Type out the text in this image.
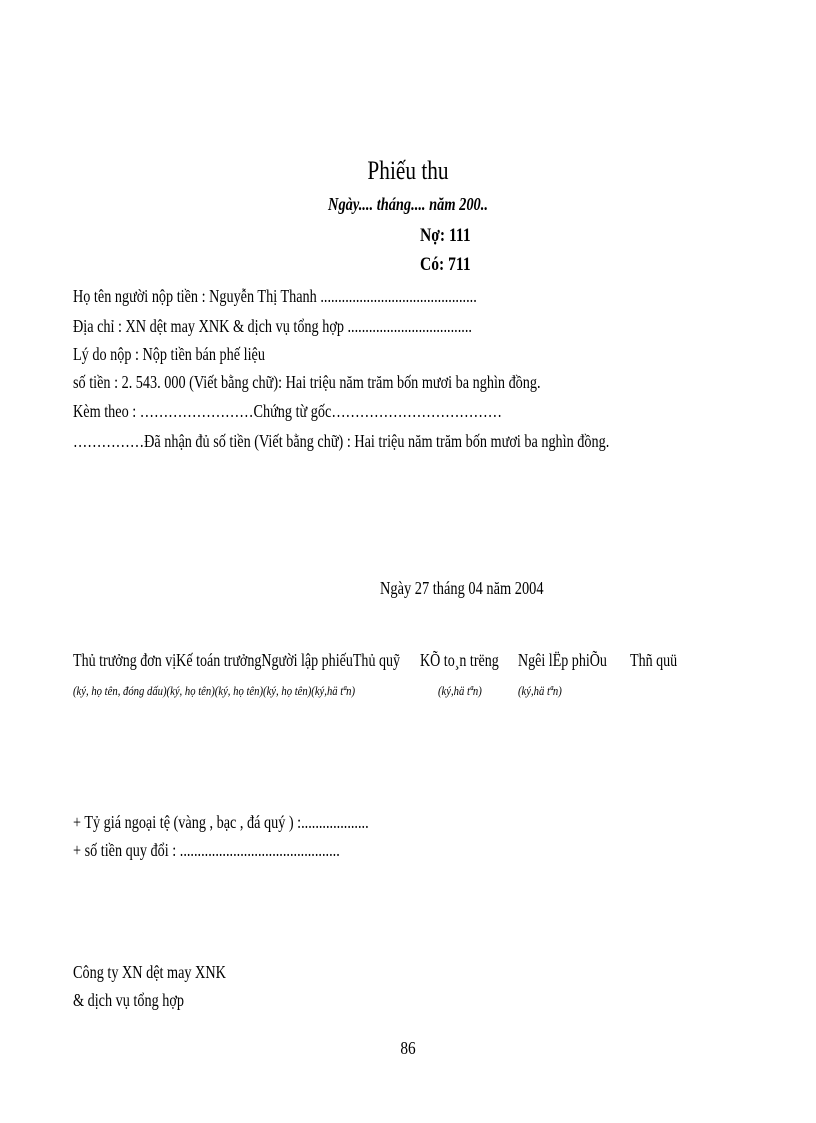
Phiếu thu
Ngày.... tháng.... năm 200..
Nợ: 111
Có: 711
Họ tên người nộp tiền : Nguyễn Thị Thanh ............................................
Địa chỉ : XN dệt may XNK & dịch vụ tổng hợp ...................................
Lý do nộp : Nộp tiền bán phế liệu
số tiền : 2. 543. 000 (Viết bằng chữ): Hai triệu năm trăm bốn mươi ba nghìn đồng.
Kèm theo : ……………………Chứng từ gốc………………………………
……………Đã nhận đủ số tiền (Viết bằng chữ) : Hai triệu năm trăm bốn mươi ba nghìn đồng.
Ngày 27 tháng 04 năm 2004
Thủ trưởng đơn vịKế toán trưởngNgười lập phiếuThủ quỹ KÕ to¸n trëng Ngêi lËp phiÕu Thñ quü
(ký, họ tên, đóng dấu)(ký, họ tên)(ký, họ tên)(ký, họ tên)(ký,hä tªn)	(ký,hä tªn)	(ký,hä tªn)
+ Tỷ giá ngoại tệ (vàng , bạc , đá quý ) :...................
+ số tiền quy đổi : .............................................
Công ty XN dệt may XNK
& dịch vụ tổng hợp
86
